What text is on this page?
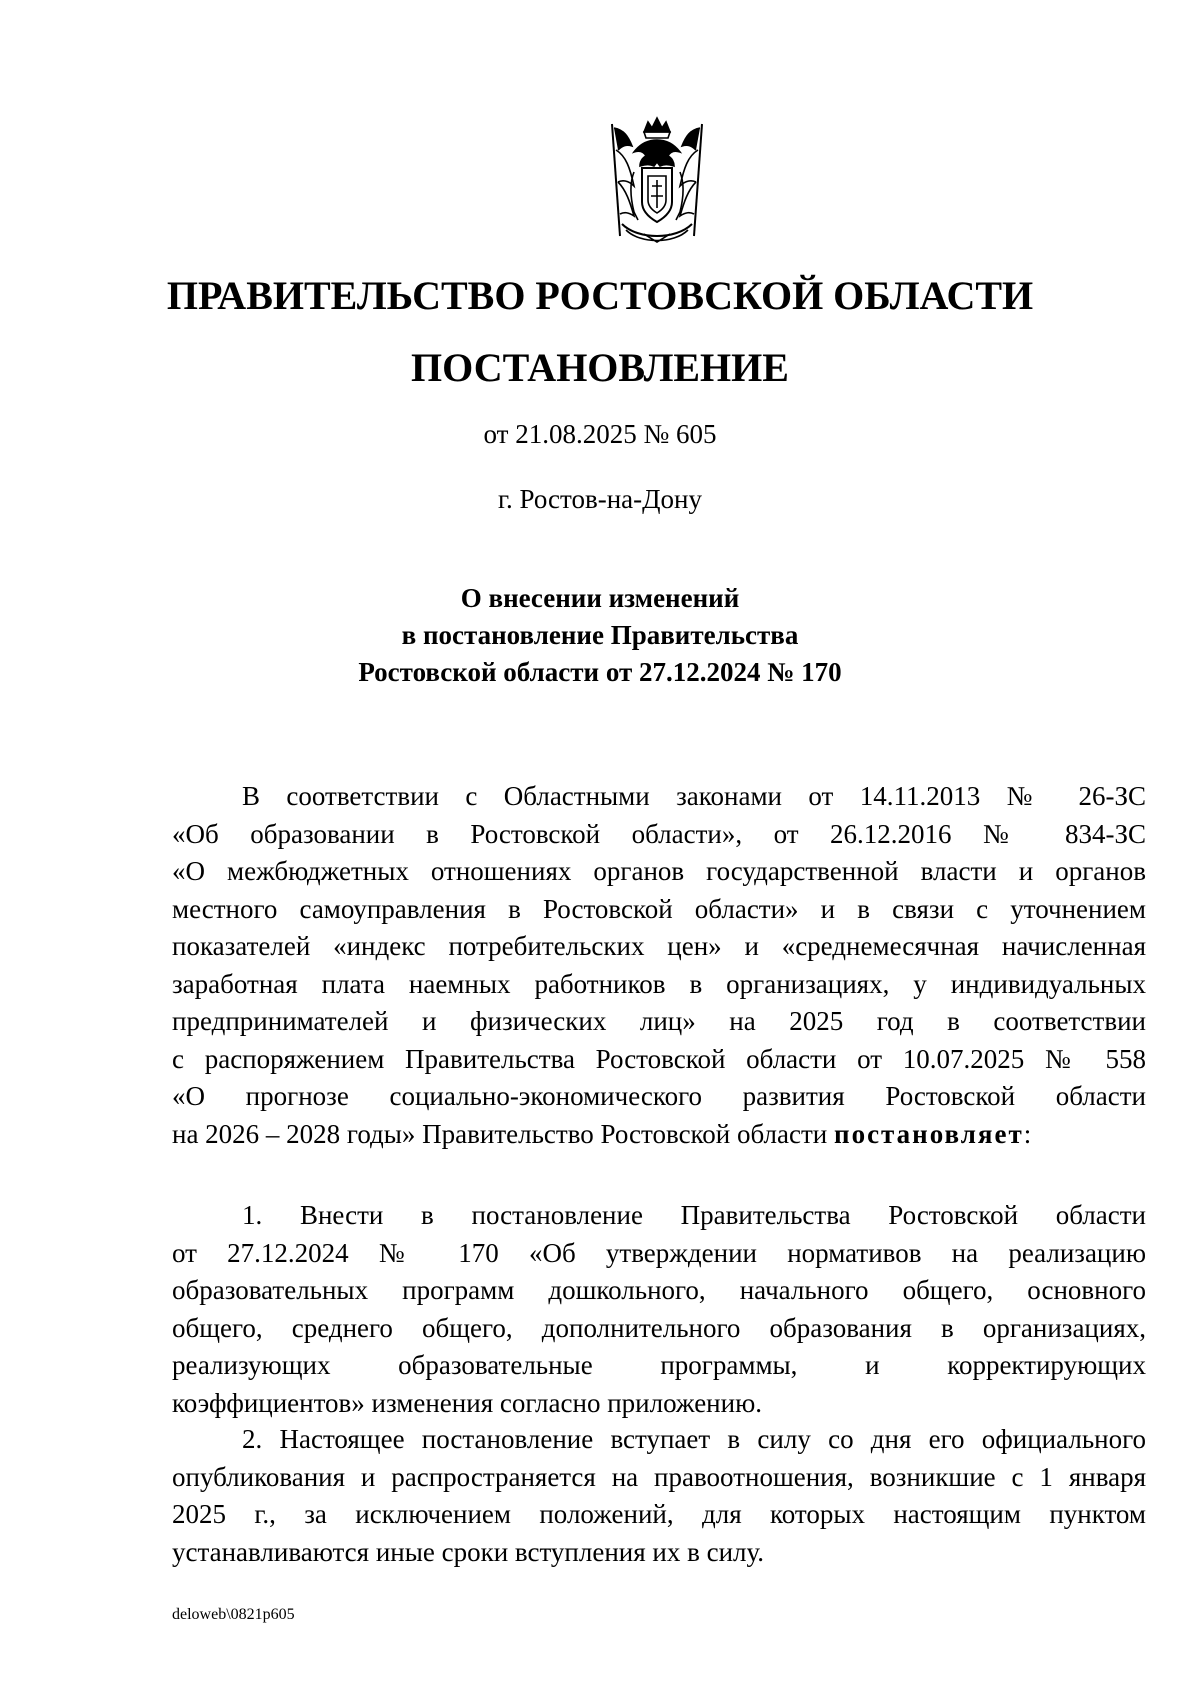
ПРАВИТЕЛЬСТВО РОСТОВСКОЙ ОБЛАСТИ
ПОСТАНОВЛЕНИЕ
от 21.08.2025 № 605
г. Ростов-на-Дону
О внесении изменений
в постановление Правительства
Ростовской области от 27.12.2024 № 170
В соответствии с Областными законами от 14.11.2013 № 26-ЗС
«Об образовании в Ростовской области», от 26.12.2016 № 834-ЗС
«О межбюджетных отношениях органов государственной власти и органов
местного самоуправления в Ростовской области» и в связи с уточнением
показателей «индекс потребительских цен» и «среднемесячная начисленная
заработная плата наемных работников в организациях, у индивидуальных
предпринимателей и физических лиц» на 2025 год в соответствии
с распоряжением Правительства Ростовской области от 10.07.2025 № 558
«О прогнозе социально-экономического развития Ростовской области
на 2026 – 2028 годы» Правительство Ростовской области постановляет:
1. Внести в постановление Правительства Ростовской области
от 27.12.2024 № 170 «Об утверждении нормативов на реализацию
образовательных программ дошкольного, начального общего, основного
общего, среднего общего, дополнительного образования в организациях,
реализующих образовательные программы, и корректирующих
коэффициентов» изменения согласно приложению.
2. Настоящее постановление вступает в силу со дня его официального
опубликования и распространяется на правоотношения, возникшие с 1 января
2025 г., за исключением положений, для которых настоящим пунктом
устанавливаются иные сроки вступления их в силу.
deloweb\0821p605
